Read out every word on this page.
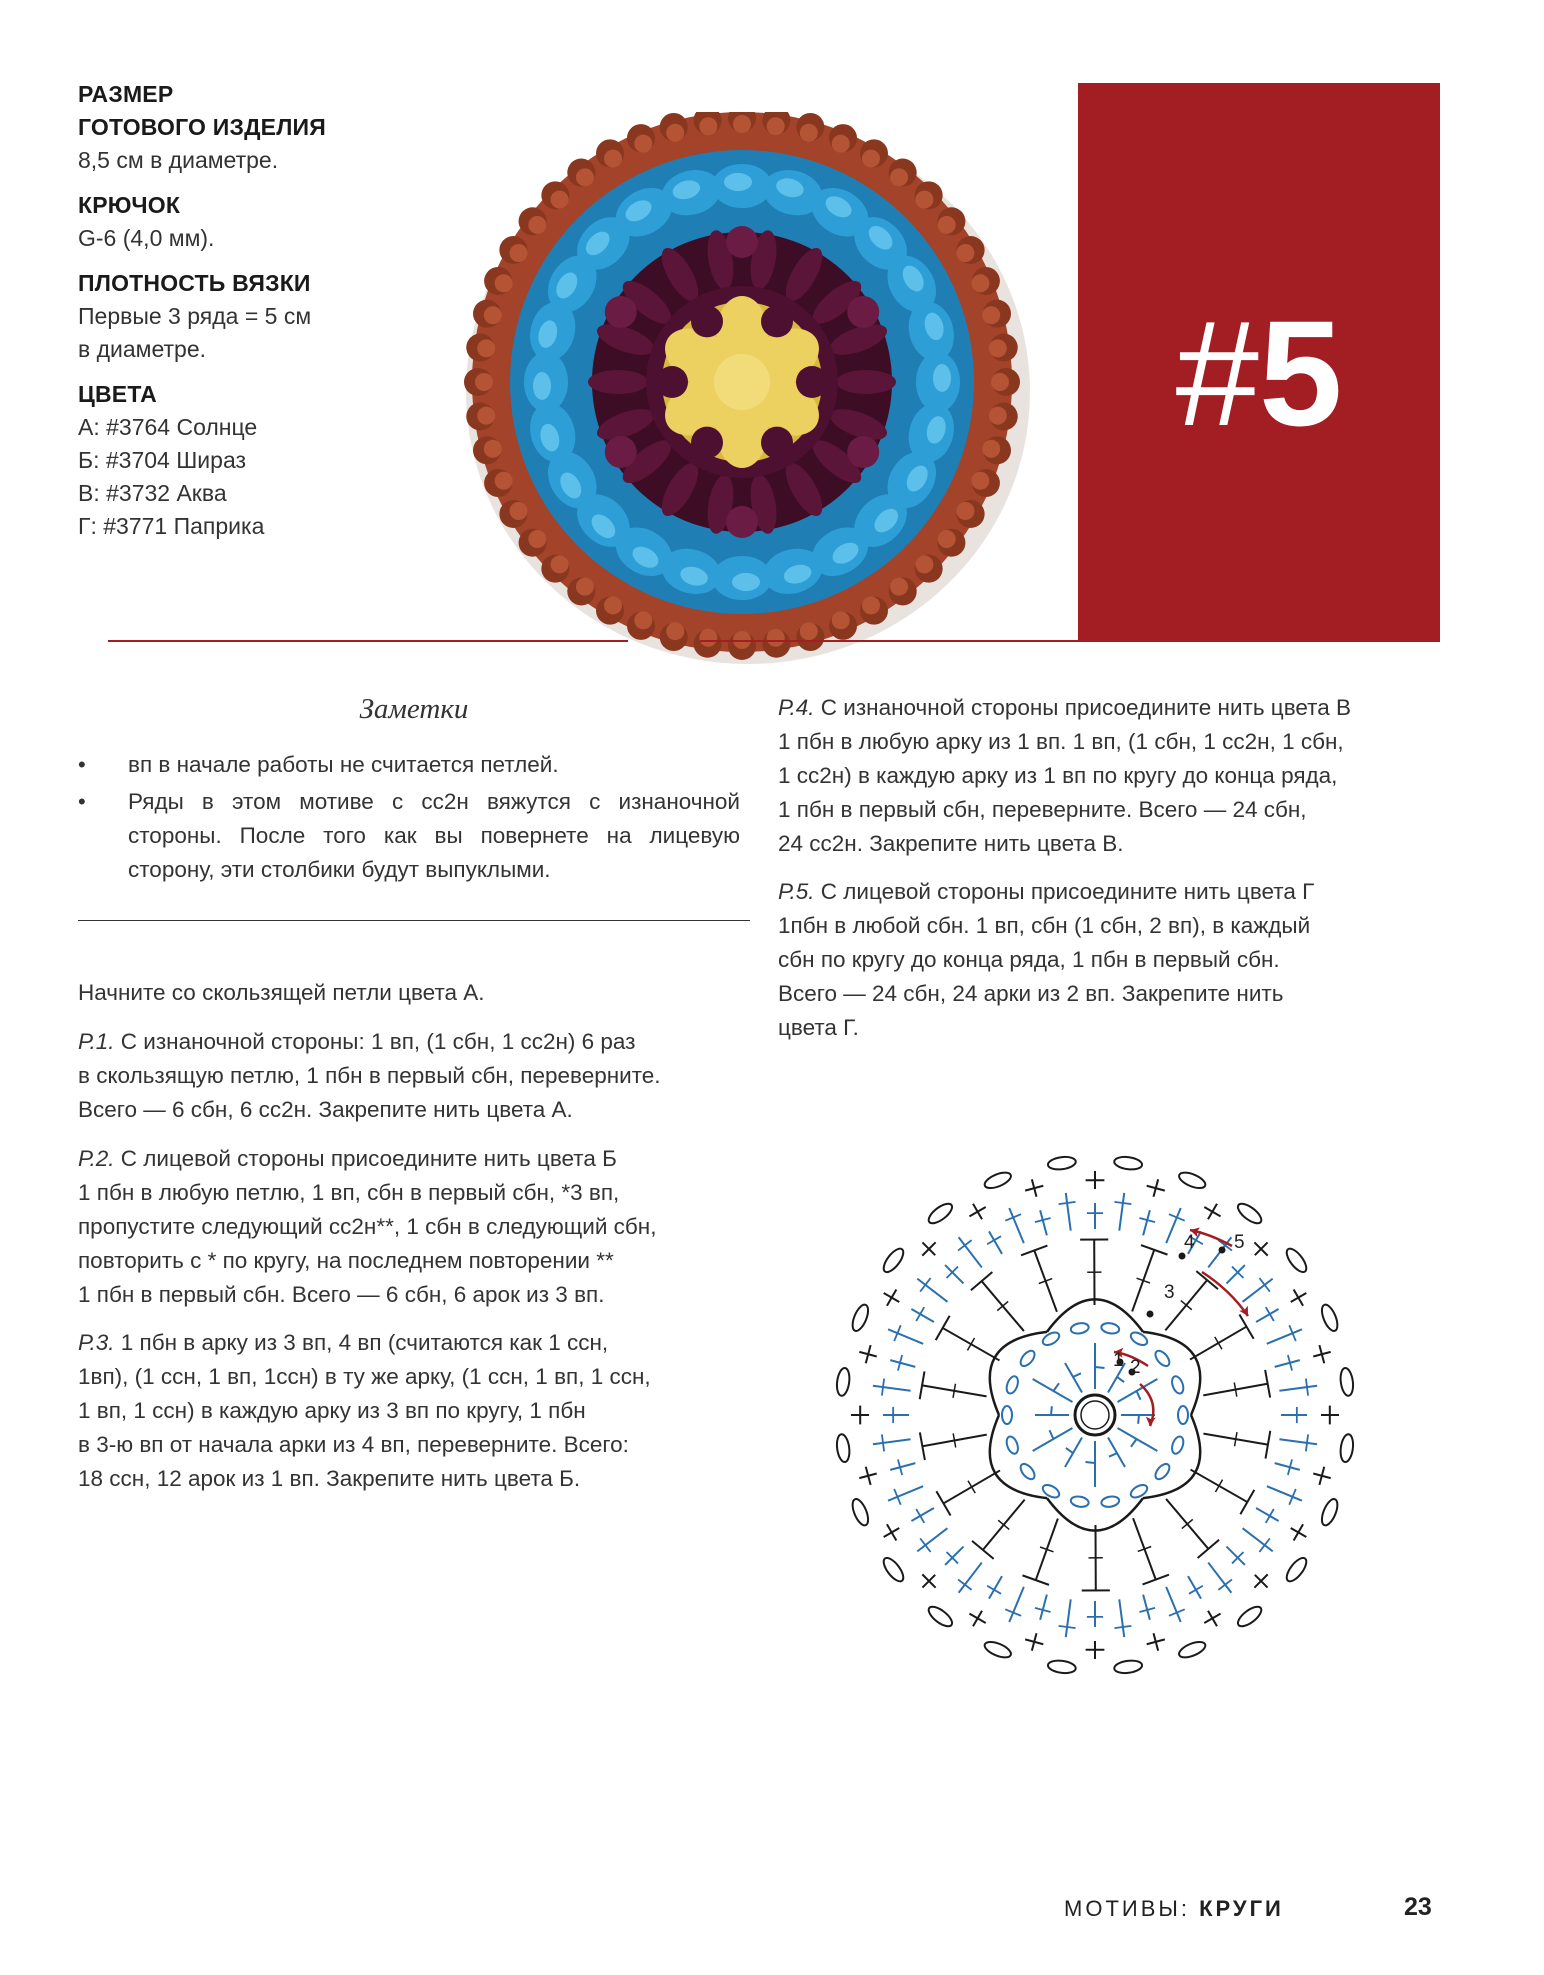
РАЗМЕР
ГОТОВОГО ИЗДЕЛИЯ
8,5 см в диаметре.
КРЮЧОК
G-6 (4,0 мм).
ПЛОТНОСТЬ ВЯЗКИ
Первые 3 ряда = 5 см
в диаметре.
ЦВЕТА
А: #3764 Солнце
Б: #3704 Шираз
В: #3732 Аква
Г: #3771 Паприка
#5
Заметки
• вп в начале работы не считается петлей.
• Ряды в этом мотиве с сс2н вяжутся с изнаночной стороны. После того как вы повернете на лицевую сторону, эти столбики будут выпуклыми.
Начните со скользящей петли цвета А.
Р.1. С изнаночной стороны: 1 вп, (1 сбн, 1 сс2н) 6 раз
в скользящую петлю, 1 пбн в первый сбн, переверните.
Всего — 6 сбн, 6 сс2н. Закрепите нить цвета А.
Р.2. С лицевой стороны присоедините нить цвета Б
1 пбн в любую петлю, 1 вп, сбн в первый сбн, *3 вп,
пропустите следующий сс2н**, 1 сбн в следующий сбн,
повторить с * по кругу, на последнем повторении **
1 пбн в первый сбн. Всего — 6 сбн, 6 арок из 3 вп.
Р.3. 1 пбн в арку из 3 вп, 4 вп (считаются как 1 ссн,
1вп), (1 ссн, 1 вп, 1ссн) в ту же арку, (1 ссн, 1 вп, 1 ссн,
1 вп, 1 ссн) в каждую арку из 3 вп по кругу, 1 пбн
в 3-ю вп от начала арки из 4 вп, переверните. Всего:
18 ссн, 12 арок из 1 вп. Закрепите нить цвета Б.
Р.4. С изнаночной стороны присоедините нить цвета В
1 пбн в любую арку из 1 вп. 1 вп, (1 сбн, 1 сс2н, 1 сбн,
1 сс2н) в каждую арку из 1 вп по кругу до конца ряда,
1 пбн в первый сбн, переверните. Всего — 24 сбн,
24 сс2н. Закрепите нить цвета В.
Р.5. С лицевой стороны присоедините нить цвета Г
1пбн в любой сбн. 1 вп, сбн (1 сбн, 2 вп), в каждый
сбн по кругу до конца ряда, 1 пбн в первый сбн.
Всего — 24 сбн, 24 арки из 2 вп. Закрепите нить
цвета Г.
1 2
3
4 5
МОТИВЫ: КРУГИ	23
